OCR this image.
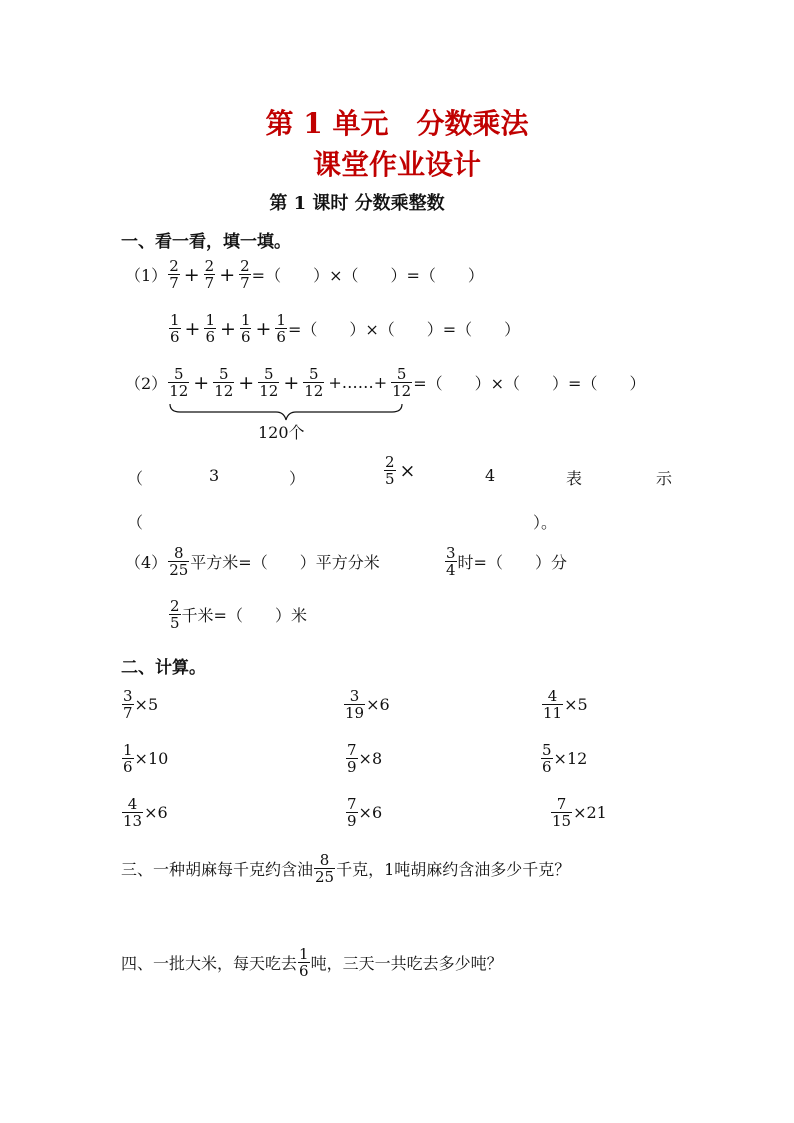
第 1 单元　分数乘法
课堂作业设计
第 1 课时 分数乘整数
一、看一看，填一填。
$(1) \frac{2}{7} + \frac{2}{7} + \frac{2}{7}$ =（　　）×（　　）=（　　）
$\frac{1}{6} + \frac{1}{6} + \frac{1}{6} + \frac{1}{6}$ =（　　）×（　　）=（　　）
$(2) \frac{5}{12} + \frac{5}{12} + \frac{5}{12} + \frac{5}{12}$ +……+ $\frac{5}{12}$ =（　　）×（　　）=（　　）
120个
（	3	）	$\frac{2}{5}$ ×	4	表	示
（	）。
$(4) \frac{8}{25}$ 平方米=（　　）平方分米	$\frac{3}{4}$ 时=（　　）分
$\frac{2}{5}$ 千米=（　　）米
二、计算。
$\frac{3}{7} \times 5$	$\frac{3}{19} \times 6$	$\frac{4}{11} \times 5$
$\frac{1}{6} \times 10$	$\frac{7}{9} \times 8$	$\frac{5}{6} \times 12$
$\frac{4}{13} \times 6$	$\frac{7}{9} \times 6$	$\frac{7}{15} \times 21$
三、一种胡麻每千克约含油 $\frac{8}{25}$ 千克，1吨胡麻约含油多少千克？
四、一批大米，每天吃去 $\frac{1}{6}$ 吨，三天一共吃去多少吨？
